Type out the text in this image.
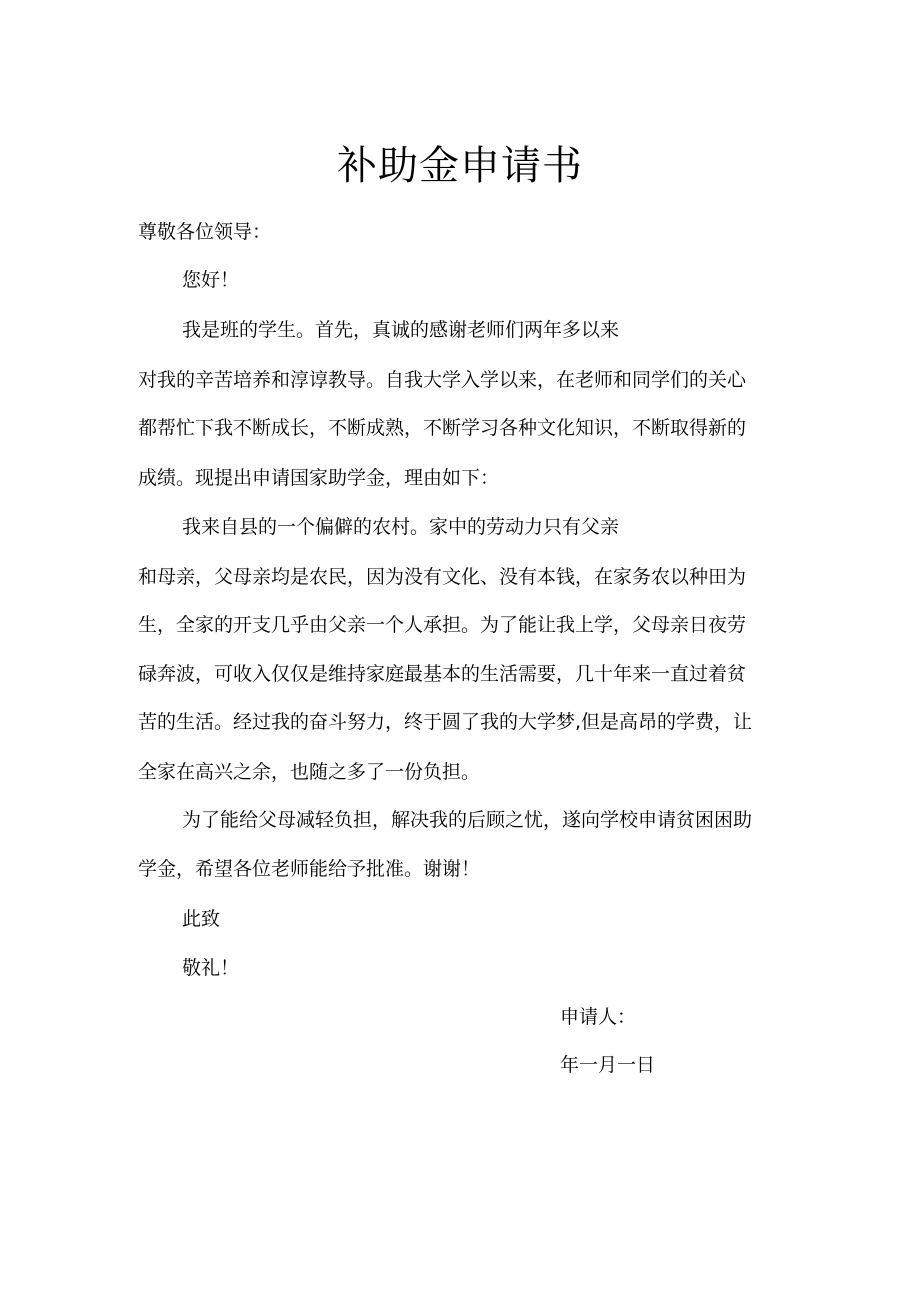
补助金申请书
尊敬各位领导：
您好！
我是班的学生。首先，真诚的感谢老师们两年多以来
对我的辛苦培养和淳谆教导。自我大学入学以来，在老师和同学们的关心
都帮忙下我不断成长，不断成熟，不断学习各种文化知识，不断取得新的
成绩。现提出申请国家助学金，理由如下：
我来自县的一个偏僻的农村。家中的劳动力只有父亲
和母亲，父母亲均是农民，因为没有文化、没有本钱，在家务农以种田为
生，全家的开支几乎由父亲一个人承担。为了能让我上学，父母亲日夜劳
碌奔波，可收入仅仅是维持家庭最基本的生活需要，几十年来一直过着贫
苦的生活。经过我的奋斗努力，终于圆了我的大学梦,但是高昂的学费，让
全家在高兴之余，也随之多了一份负担。
为了能给父母减轻负担，解决我的后顾之忧，遂向学校申请贫困困助
学金，希望各位老师能给予批准。谢谢！
此致
敬礼！
申请人：
年一月一日
